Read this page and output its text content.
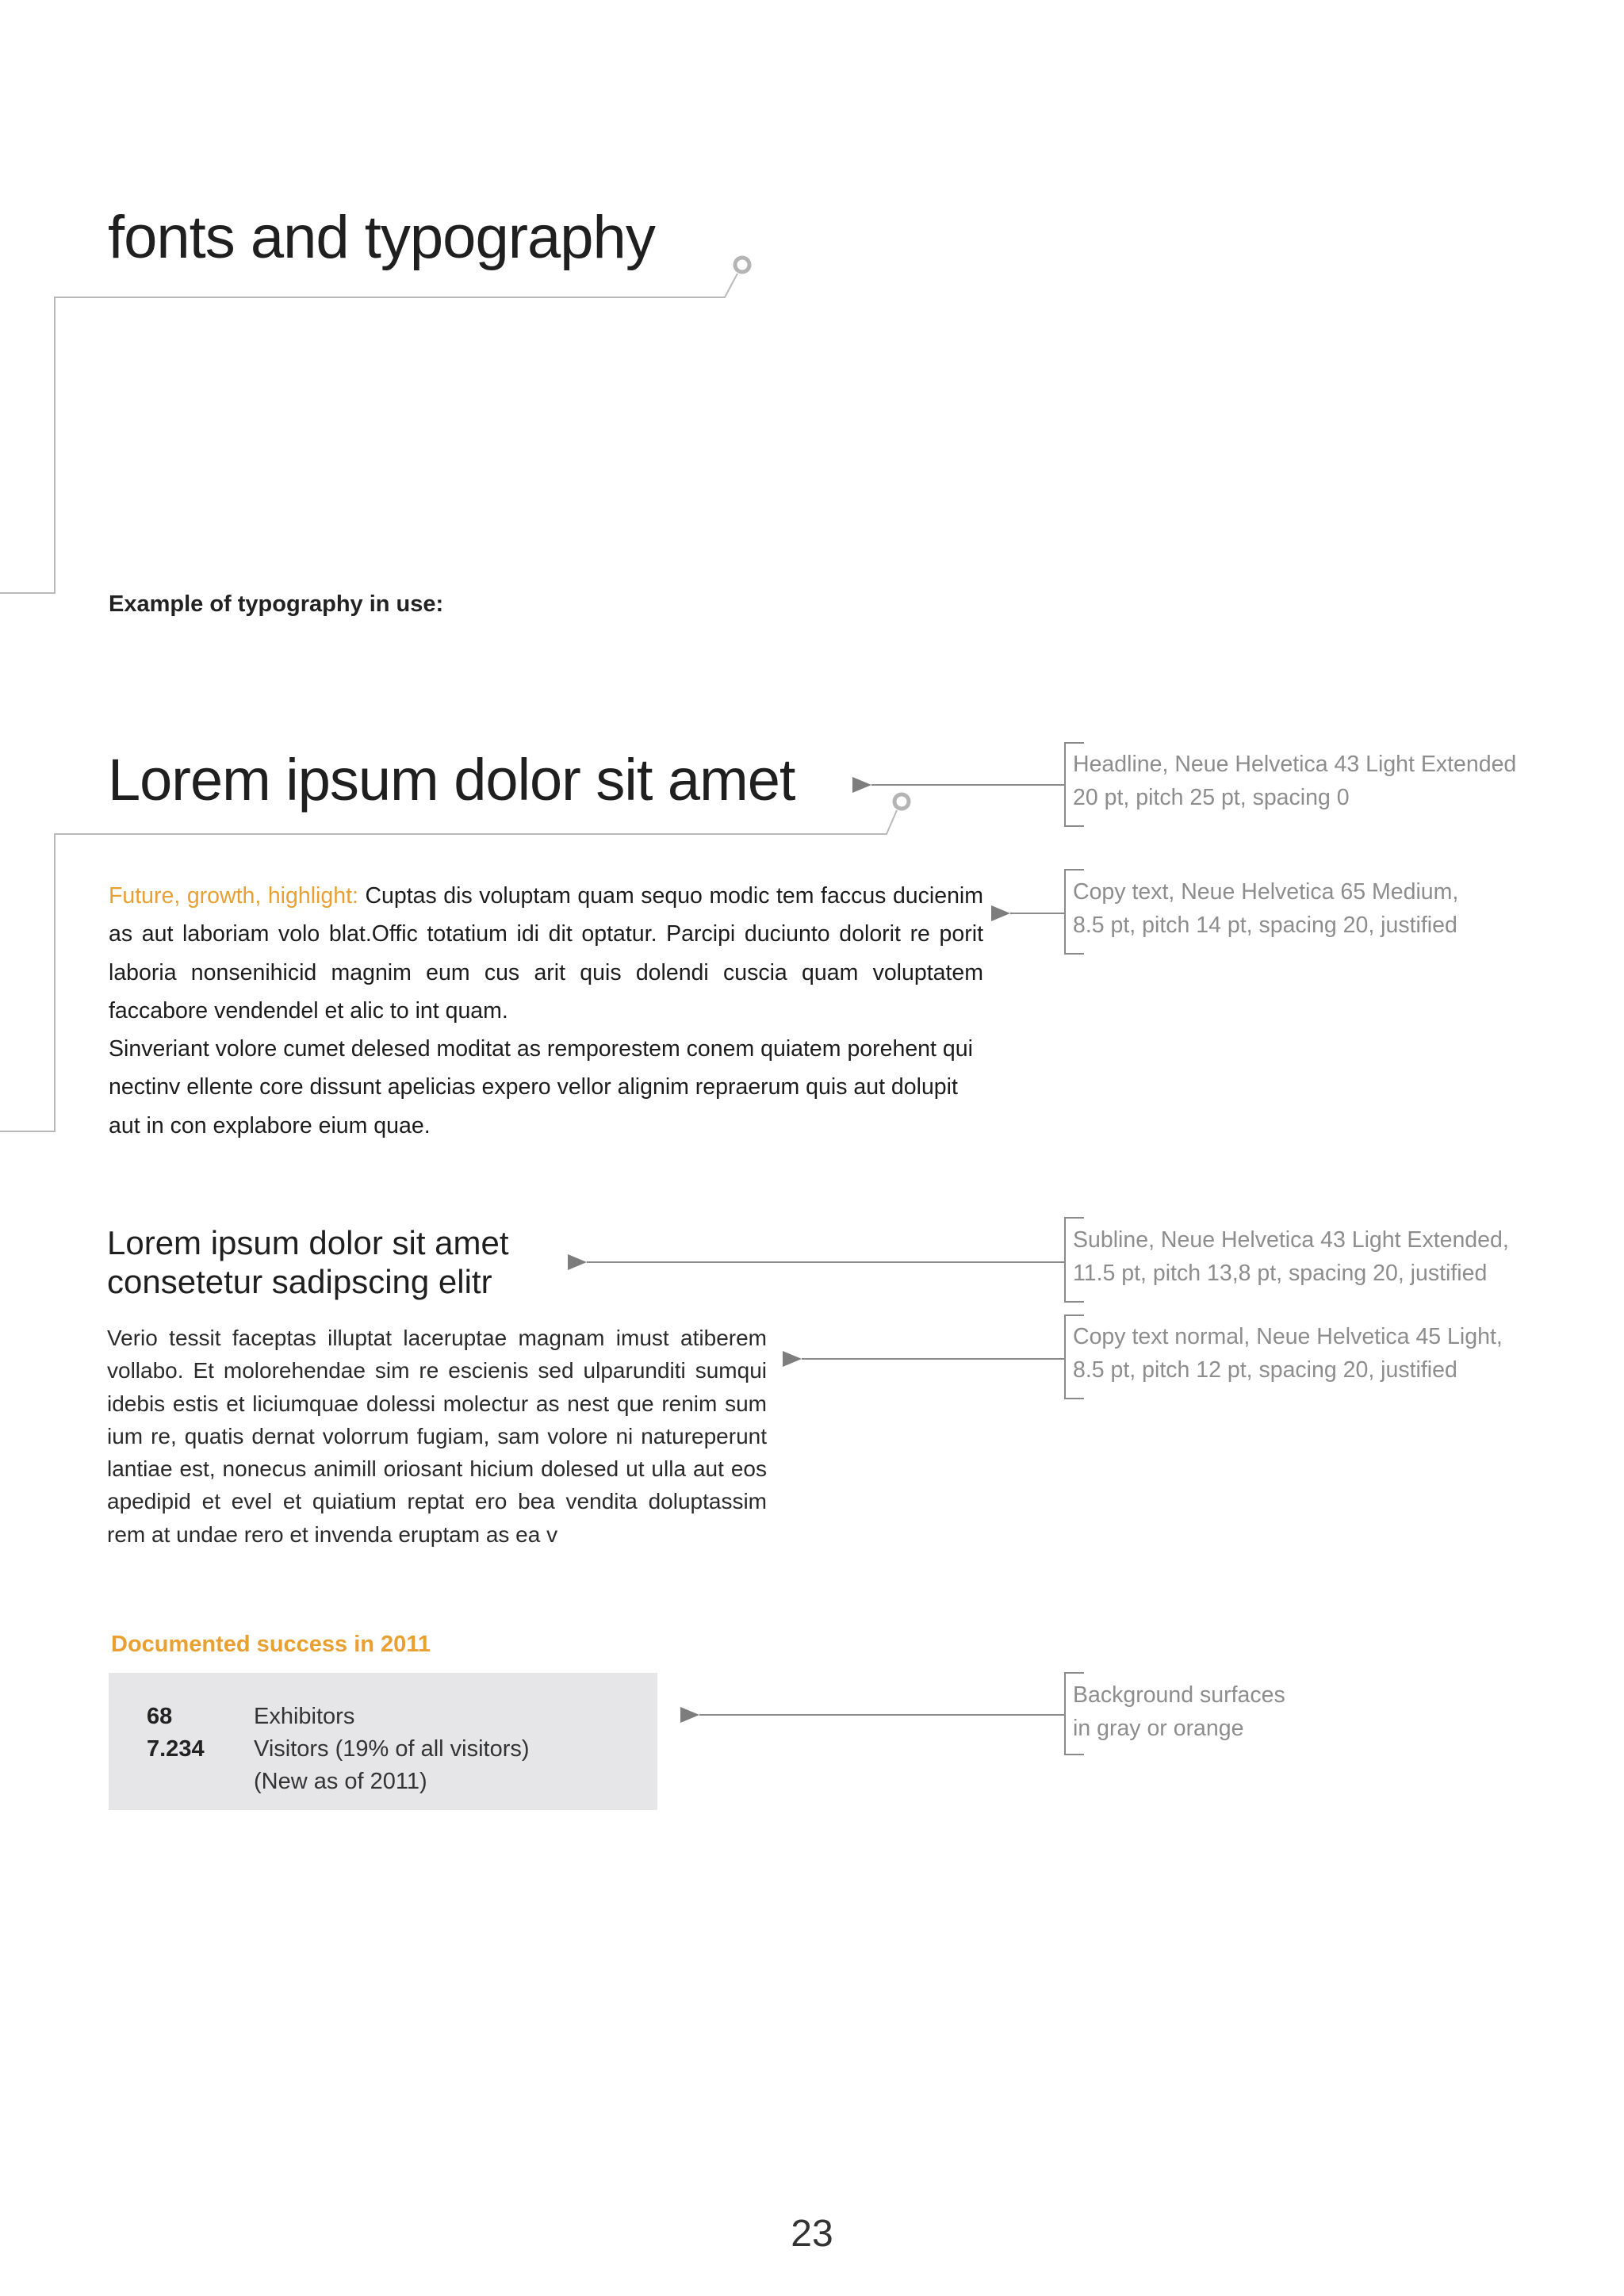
fonts and typography
Example of typography in use:
Lorem ipsum dolor sit amet

Future, growth, highlight: Cuptas dis voluptam quam sequo modic tem faccus ducienim as aut laboriam volo blat.Offic totatium idi dit optatur. Parcipi duciunto dolorit re porit laboria nonsenihicid magnim eum cus arit quis dolendi cuscia quam voluptatem faccabore vendendel et alic to int quam.

Sinveriant volore cumet delesed moditat as remporestem conem quiatem porehent qui nectinv ellente core dissunt apelicias expero vellor alignim repraerum quis aut dolupit aut in con explabore eium quae.

Lorem ipsum dolor sit amet
consetetur sadipscing elitr
Verio tessit faceptas illuptat laceruptae magnam imust atiberem vollabo. Et molorehendae sim re escienis sed ulparunditi sumqui idebis estis et liciumquae dolessi molectur as nest que renim sum ium re, quatis dernat volorrum fugiam, sam volore ni natureperunt lantiae est, nonecus animill oriosant hicium dolesed ut ulla aut eos apedipid et evel et quiatium reptat ero bea vendita doluptassim rem at undae rero et invenda eruptam as ea v
Documented success in 2011
68	Exhibitors
7.234 Visitors (19% of all visitors)
(New as of 2011)
Headline, Neue Helvetica 43 Light Extended
20 pt, pitch 25 pt, spacing 0
Copy text, Neue Helvetica 65 Medium,
8.5 pt, pitch 14 pt, spacing 20, justified
Subline, Neue Helvetica 43 Light Extended,
11.5 pt, pitch 13,8 pt, spacing 20, justified
Copy text normal, Neue Helvetica 45 Light,
8.5 pt, pitch 12 pt, spacing 20, justified
Background surfaces
in gray or orange
23
